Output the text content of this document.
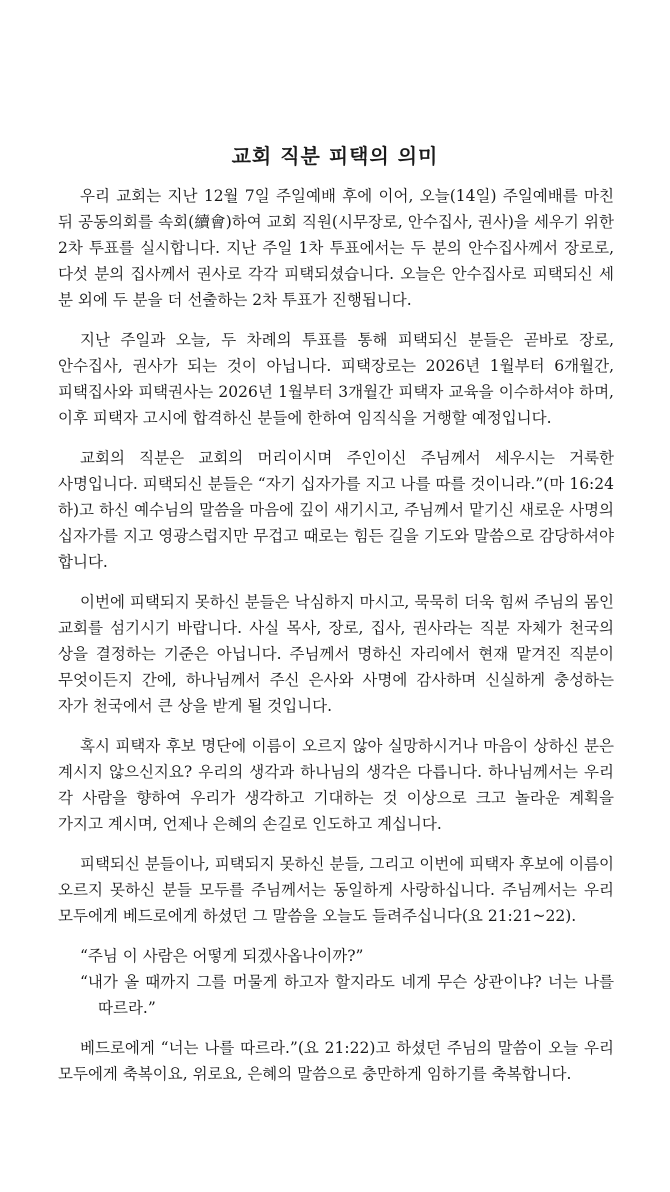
교회 직분 피택의 의미

우리 교회는 지난 12월 7일 주일예배 후에 이어, 오늘(14일) 주일예배를 마친 뒤 공동의회를 속회(續會)하여 교회 직원(시무장로, 안수집사, 권사)을 세우기 위한 2차 투표를 실시합니다. 지난 주일 1차 투표에서는 두 분의 안수집사께서 장로로, 다섯 분의 집사께서 권사로 각각 피택되셨습니다. 오늘은 안수집사로 피택되신 세 분 외에 두 분을 더 선출하는 2차 투표가 진행됩니다.

지난 주일과 오늘, 두 차례의 투표를 통해 피택되신 분들은 곧바로 장로, 안수집사, 권사가 되는 것이 아닙니다. 피택장로는 2026년 1월부터 6개월간, 피택집사와 피택권사는 2026년 1월부터 3개월간 피택자 교육을 이수하셔야 하며, 이후 피택자 고시에 합격하신 분들에 한하여 임직식을 거행할 예정입니다.

교회의 직분은 교회의 머리이시며 주인이신 주님께서 세우시는 거룩한 사명입니다. 피택되신 분들은 “자기 십자가를 지고 나를 따를 것이니라.”(마 16:24 하)고 하신 예수님의 말씀을 마음에 깊이 새기시고, 주님께서 맡기신 새로운 사명의 십자가를 지고 영광스럽지만 무겁고 때로는 힘든 길을 기도와 말씀으로 감당하셔야 합니다.

이번에 피택되지 못하신 분들은 낙심하지 마시고, 묵묵히 더욱 힘써 주님의 몸인 교회를 섬기시기 바랍니다. 사실 목사, 장로, 집사, 권사라는 직분 자체가 천국의 상을 결정하는 기준은 아닙니다. 주님께서 명하신 자리에서 현재 맡겨진 직분이 무엇이든지 간에, 하나님께서 주신 은사와 사명에 감사하며 신실하게 충성하는 자가 천국에서 큰 상을 받게 될 것입니다.

혹시 피택자 후보 명단에 이름이 오르지 않아 실망하시거나 마음이 상하신 분은 계시지 않으신지요? 우리의 생각과 하나님의 생각은 다릅니다. 하나님께서는 우리 각 사람을 향하여 우리가 생각하고 기대하는 것 이상으로 크고 놀라운 계획을 가지고 계시며, 언제나 은혜의 손길로 인도하고 계십니다.

피택되신 분들이나, 피택되지 못하신 분들, 그리고 이번에 피택자 후보에 이름이 오르지 못하신 분들 모두를 주님께서는 동일하게 사랑하십니다. 주님께서는 우리 모두에게 베드로에게 하셨던 그 말씀을 오늘도 들려주십니다(요 21:21~22).

“주님 이 사람은 어떻게 되겠사옵나이까?”

“내가 올 때까지 그를 머물게 하고자 할지라도 네게 무슨 상관이냐? 너는 나를 따르라.”

베드로에게 “너는 나를 따르라.”(요 21:22)고 하셨던 주님의 말씀이 오늘 우리 모두에게 축복이요, 위로요, 은혜의 말씀으로 충만하게 임하기를 축복합니다.
